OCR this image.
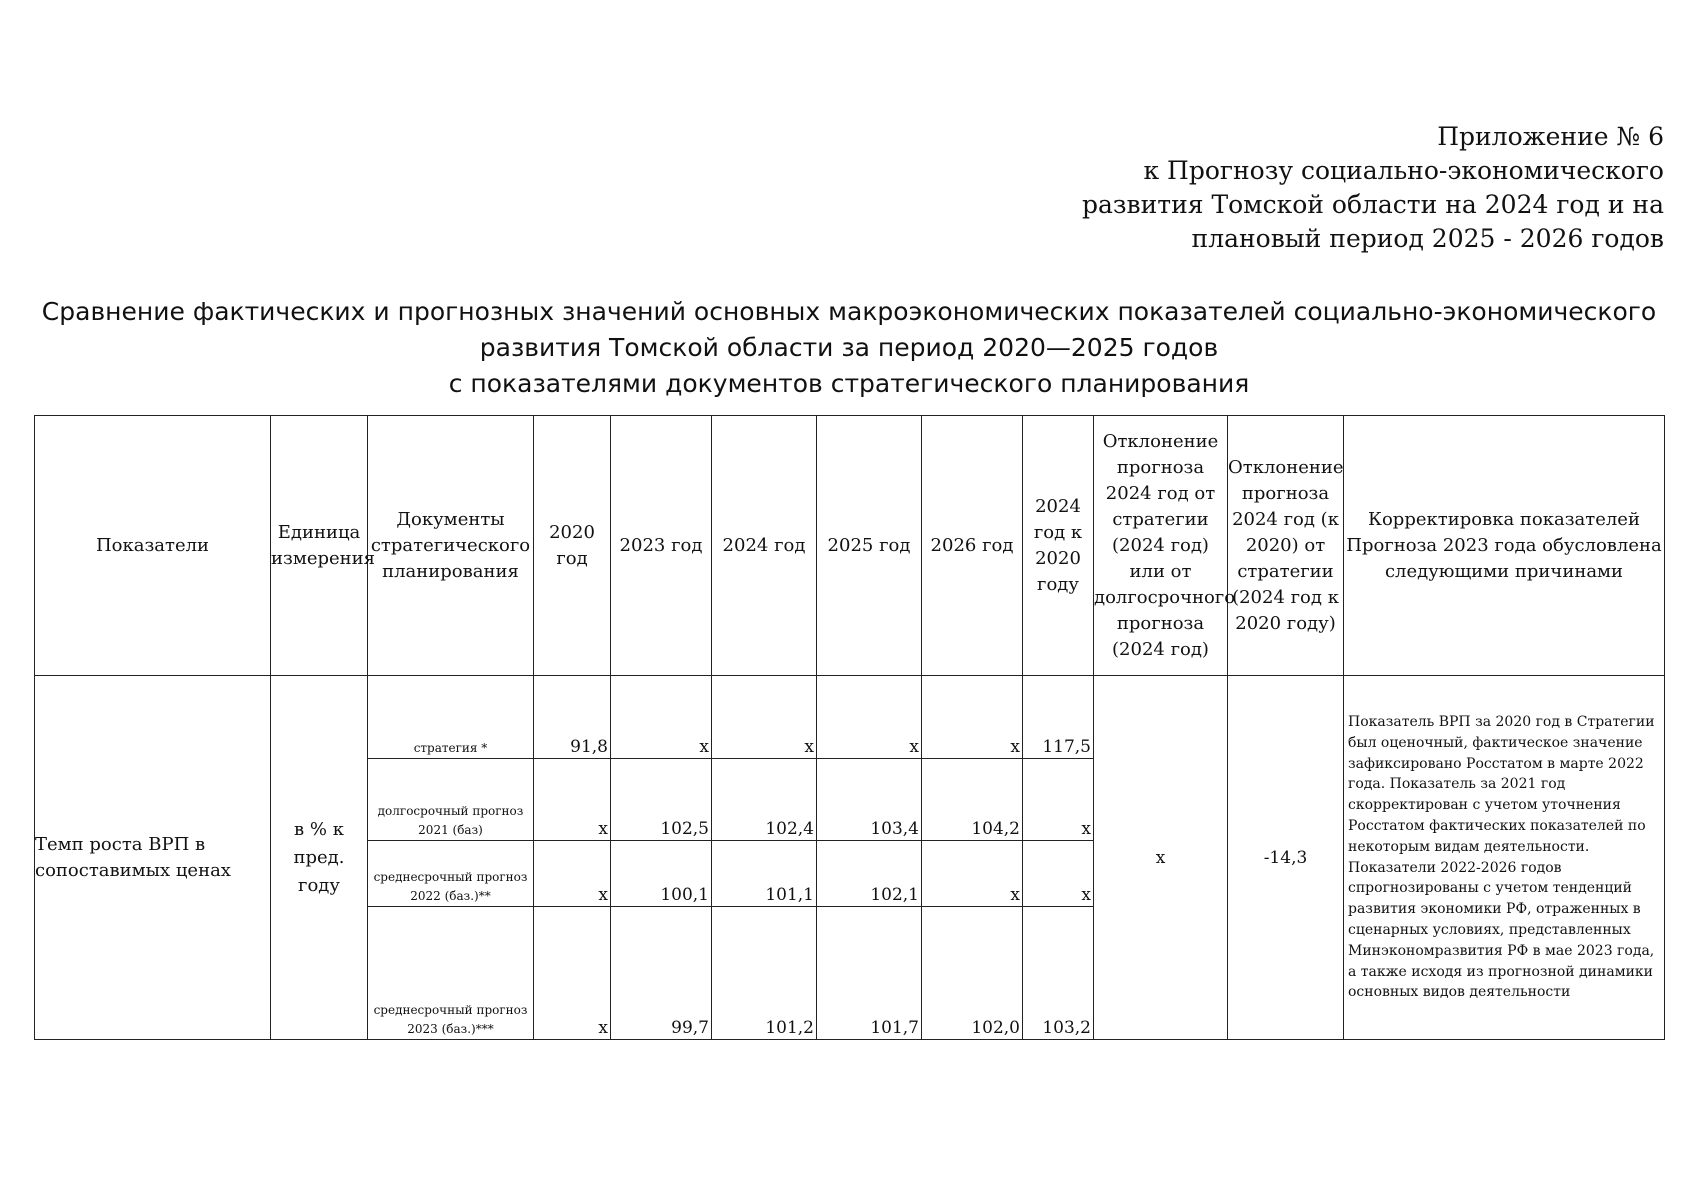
Приложение № 6
к Прогнозу социально-экономического
развития Томской области на 2024 год и на
плановый период 2025 - 2026 годов
Сравнение фактических и прогнозных значений основных макроэкономических показателей социально-экономического
развития Томской области за период 2020—2025 годов
с показателями документов стратегического планирования
Показатели	Единица измерения	Документы стратегического планирования	2020 год	2023 год	2024 год	2025 год	2026 год	2024 год к 2020 году	Отклонение прогноза 2024 год от стратегии (2024 год) или от долгосрочного прогноза (2024 год)	Отклонение прогноза 2024 год (к 2020) от стратегии (2024 год к 2020 году)	Корректировка показателей Прогноза 2023 года обусловлена следующими причинами
Темп роста ВРП в сопоставимых ценах	в % к пред. году	стратегия *	91,8	х	х	х	х	117,5	х	-14,3	Показатель ВРП за 2020 год в Стратегии был оценочный, фактическое значение зафиксировано Росстатом в марте 2022 года. Показатель за 2021 год скорректирован с учетом уточнения Росстатом фактических показателей по некоторым видам деятельности. Показатели 2022-2026 годов спрогнозированы с учетом тенденций развития экономики РФ, отраженных в сценарных условиях, представленных Минэкономразвития РФ в мае 2023 года, а также исходя из прогнозной динамики основных видов деятельности
		долгосрочный прогноз 2021 (баз)	х	102,5	102,4	103,4	104,2	х			
		среднесрочный прогноз 2022 (баз.)**	х	100,1	101,1	102,1	х	х			
		среднесрочный прогноз 2023 (баз.)***	х	99,7	101,2	101,7	102,0	103,2			
